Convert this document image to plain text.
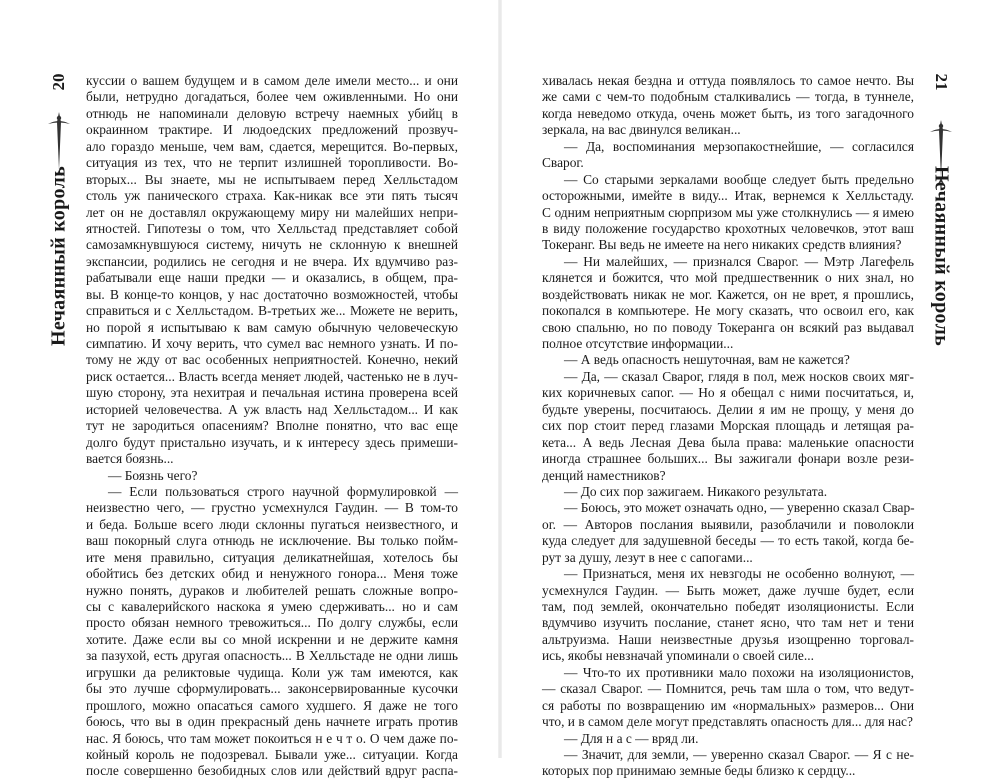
20
Нечаянный король
21
Нечаянный король
куссии о вашем будущем и в самом деле имели место... и они
были, нетрудно догадаться, более чем оживленными. Но они
отнюдь не напоминали деловую встречу наемных убийц в
окраинном трактире. И людоедских предложений прозвуч-
ало гораздо меньше, чем вам, сдается, мерещится. Во-первых,
ситуация из тех, что не терпит излишней торопливости. Во-
вторых... Вы знаете, мы не испытываем перед Хелльстадом
столь уж панического страха. Как-никак все эти пять тысяч
лет он не доставлял окружающему миру ни малейших непри-
ятностей. Гипотезы о том, что Хелльстад представляет собой
самозамкнувшуюся систему, ничуть не склонную к внешней
экспансии, родились не сегодня и не вчера. Их вдумчиво раз-
рабатывали еще наши предки — и оказались, в общем, пра-
вы. В конце-то концов, у нас достаточно возможностей, чтобы
справиться и с Хелльстадом. В-третьих же... Можете не верить,
но порой я испытываю к вам самую обычную человеческую
симпатию. И хочу верить, что сумел вас немного узнать. И по-
тому не жду от вас особенных неприятностей. Конечно, некий
риск остается... Власть всегда меняет людей, частенько не в луч-
шую сторону, эта нехитрая и печальная истина проверена всей
историей человечества. А уж власть над Хелльстадом... И как
тут не зародиться опасениям? Вполне понятно, что вас еще
долго будут пристально изучать, и к интересу здесь примеши-
вается боязнь...
— Боязнь чего?
— Если пользоваться строго научной формулировкой —
неизвестно чего, — грустно усмехнулся Гаудин. — В том-то
и беда. Больше всего люди склонны пугаться неизвестного, и
ваш покорный слуга отнюдь не исключение. Вы только пойм-
ите меня правильно, ситуация деликатнейшая, хотелось бы
обойтись без детских обид и ненужного гонора... Меня тоже
нужно понять, дураков и любителей решать сложные вопро-
сы с кавалерийского наскока я умею сдерживать... но и сам
просто обязан немного тревожиться... По долгу службы, если
хотите. Даже если вы со мной искренни и не держите камня
за пазухой, есть другая опасность... В Хелльстаде не одни лишь
игрушки да реликтовые чудища. Коли уж там имеются, как
бы это лучше сформулировать... законсервированные кусочки
прошлого, можно опасаться самого худшего. Я даже не того
боюсь, что вы в один прекрасный день начнете играть против
нас. Я боюсь, что там может покоиться н е ч т о. О чем даже по-
койный король не подозревал. Бывали уже... ситуации. Когда
после совершенно безобидных слов или действий вдруг распа-
хивалась некая бездна и оттуда появлялось то самое нечто. Вы
же сами с чем-то подобным сталкивались — тогда, в туннеле,
когда неведомо откуда, очень может быть, из того загадочного
зеркала, на вас двинулся великан...
— Да, воспоминания мерзопакостнейшие, — согласился
Сварог.
— Со старыми зеркалами вообще следует быть предельно
осторожными, имейте в виду... Итак, вернемся к Хелльстаду.
С одним неприятным сюрпризом мы уже столкнулись — я имею
в виду положение государство крохотных человечков, этот ваш
Токеранг. Вы ведь не имеете на него никаких средств влияния?
— Ни малейших, — признался Сварог. — Мэтр Лагефель
клянется и божится, что мой предшественник о них знал, но
воздействовать никак не мог. Кажется, он не врет, я прошлись,
покопался в компьютере. Не могу сказать, что освоил его, как
свою спальню, но по поводу Токеранга он всякий раз выдавал
полное отсутствие информации...
— А ведь опасность нешуточная, вам не кажется?
— Да, — сказал Сварог, глядя в пол, меж носков своих мяг-
ких коричневых сапог. — Но я обещал с ними посчитаться, и,
будьте уверены, посчитаюсь. Делии я им не прощу, у меня до
сих пор стоит перед глазами Морская площадь и летящая ра-
кета... А ведь Лесная Дева была права: маленькие опасности
иногда страшнее больших... Вы зажигали фонари возле рези-
денций наместников?
— До сих пор зажигаем. Никакого результата.
— Боюсь, это может означать одно, — уверенно сказал Свар-
ог. — Авторов послания выявили, разоблачили и поволокли
куда следует для задушевной беседы — то есть такой, когда бе-
рут за душу, лезут в нее с сапогами...
— Признаться, меня их невзгоды не особенно волнуют, —
усмехнулся Гаудин. — Быть может, даже лучше будет, если
там, под землей, окончательно победят изоляционисты. Если
вдумчиво изучить послание, станет ясно, что там нет и тени
альтруизма. Наши неизвестные друзья изощренно торговал-
ись, якобы невзначай упоминали о своей силе...
— Что-то их противники мало похожи на изоляционистов,
— сказал Сварог. — Помнится, речь там шла о том, что ведут-
ся работы по возвращению им «нормальных» размеров... Они
что, и в самом деле могут представлять опасность для... для нас?
— Для н а с — вряд ли.
— Значит, для земли, — уверенно сказал Сварог. — Я с не-
которых пор принимаю земные беды близко к сердцу...
